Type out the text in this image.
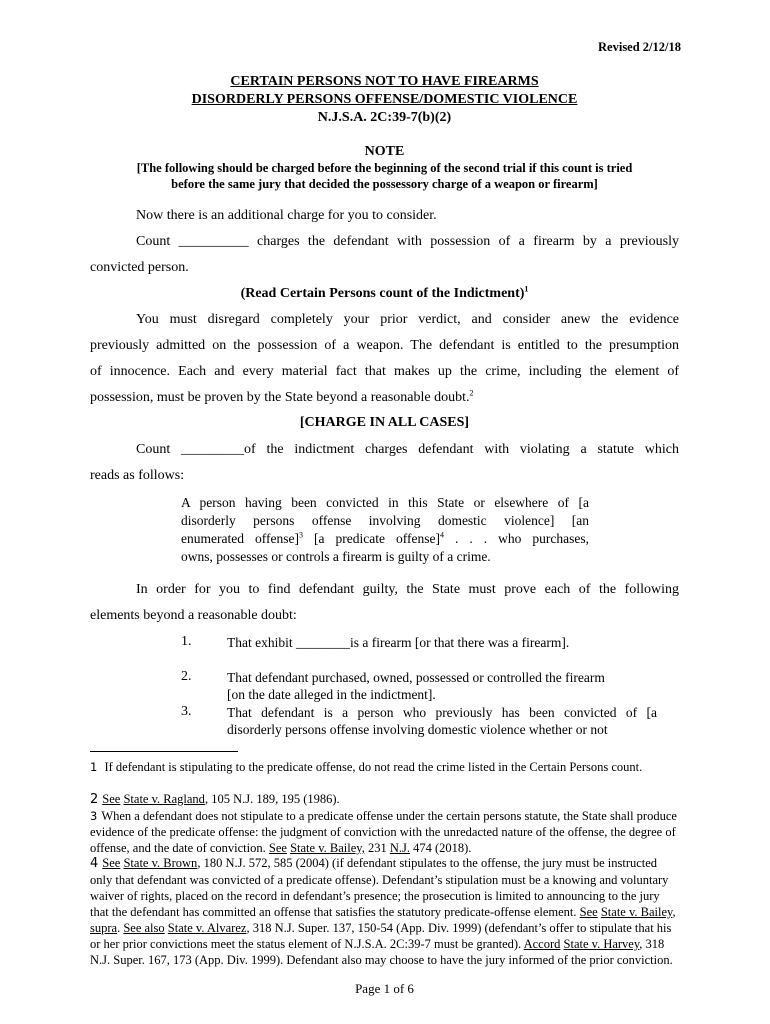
Revised 2/12/18
CERTAIN PERSONS NOT TO HAVE FIREARMS
DISORDERLY PERSONS OFFENSE/DOMESTIC VIOLENCE
N.J.S.A. 2C:39-7(b)(2)
NOTE
[The following should be charged before the beginning of the second trial if this count is tried
before the same jury that decided the possessory charge of a weapon or firearm]
Now there is an additional charge for you to consider.
Count __________ charges the defendant with possession of a firearm by a previously
convicted person.
(Read Certain Persons count of the Indictment)$^1$
You must disregard completely your prior verdict, and consider anew the evidence
previously admitted on the possession of a weapon. The defendant is entitled to the presumption
of innocence. Each and every material fact that makes up the crime, including the element of
possession, must be proven by the State beyond a reasonable doubt.$^2$
[CHARGE IN ALL CASES]
Count _________of the indictment charges defendant with violating a statute which
reads as follows:
A person having been convicted in this State or elsewhere of [a
disorderly persons offense involving domestic violence] [an
enumerated offense]$^3$ [a predicate offense]$^4$ . . . who purchases,
owns, possesses or controls a firearm is guilty of a crime.
In order for you to find defendant guilty, the State must prove each of the following
elements beyond a reasonable doubt:
1.	That exhibit ________is a firearm [or that there was a firearm].
2.	That defendant purchased, owned, possessed or controlled the firearm
[on the date alleged in the indictment].
3.	That defendant is a person who previously has been convicted of [a
disorderly persons offense involving domestic violence whether or not
1 If defendant is stipulating to the predicate offense, do not read the crime listed in the Certain Persons count.
2 See State v. Ragland, 105 N.J. 189, 195 (1986).
3 When a defendant does not stipulate to a predicate offense under the certain persons statute, the State shall produce evidence of the predicate offense: the judgment of conviction with the unredacted nature of the offense, the degree of offense, and the date of conviction. See State v. Bailey, 231 N.J. 474 (2018).
4 See State v. Brown, 180 N.J. 572, 585 (2004) (if defendant stipulates to the offense, the jury must be instructed only that defendant was convicted of a predicate offense). Defendant’s stipulation must be a knowing and voluntary waiver of rights, placed on the record in defendant’s presence; the prosecution is limited to announcing to the jury that the defendant has committed an offense that satisfies the statutory predicate-offense element. See State v. Bailey, supra. See also State v. Alvarez, 318 N.J. Super. 137, 150-54 (App. Div. 1999) (defendant’s offer to stipulate that his or her prior convictions meet the status element of N.J.S.A. 2C:39-7 must be granted). Accord State v. Harvey, 318 N.J. Super. 167, 173 (App. Div. 1999). Defendant also may choose to have the jury informed of the prior conviction.
Page 1 of 6
